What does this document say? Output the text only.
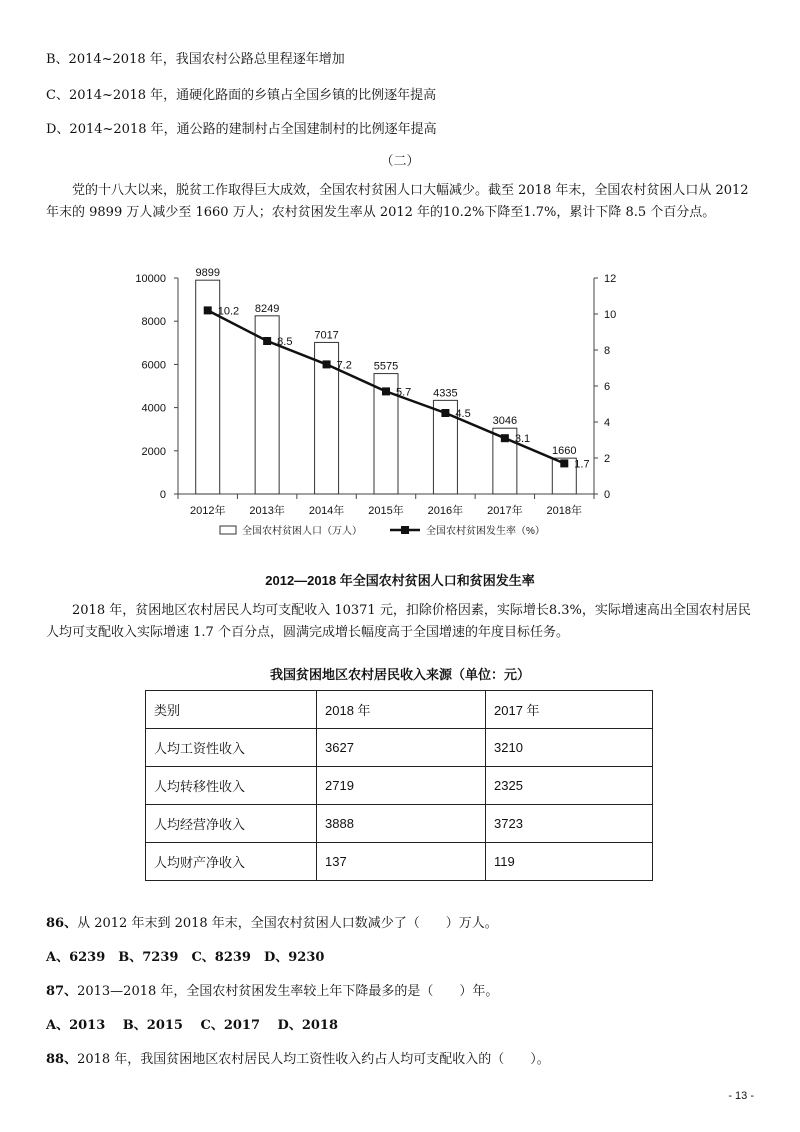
B、2014~2018 年，我国农村公路总里程逐年增加
C、2014~2018 年，通硬化路面的乡镇占全国乡镇的比例逐年提高
D、2014~2018 年，通公路的建制村占全国建制村的比例逐年提高
（二）
党的十八大以来，脱贫工作取得巨大成效，全国农村贫困人口大幅减少。截至 2018 年末，全国农村贫困人口从 2012 年末的 9899 万人减少至 1660 万人；农村贫困发生率从 2012 年的10.2%下降至1.7%，累计下降 8.5 个百分点。
0
2000
4000
6000
8000
10000
0
2
4
6
8
10
12
2012年 2013年 2014年 2015年 2016年 2017年 2018年
9899
8249
7017
5575
4335
3046
1660
10.2
8.5
7.2
5.7
4.5
3.1
1.7
全国农村贫困人口（万人）	全国农村贫困发生率（%）
2012—2018 年全国农村贫困人口和贫困发生率
2018 年，贫困地区农村居民人均可支配收入 10371 元，扣除价格因素，实际增长8.3%，实际增速高出全国农村居民人均可支配收入实际增速 1.7 个百分点，圆满完成增长幅度高于全国增速的年度目标任务。
我国贫困地区农村居民收入来源（单位：元）
类别	2018 年	2017 年
人均工资性收入	3627	3210
人均转移性收入	2719	2325
人均经营净收入	3888	3723
人均财产净收入	137	119
86、从 2012 年末到 2018 年末，全国农村贫困人口数减少了（　　）万人。
A、6239　B、7239　C、8239　D、9230
87、2013—2018 年，全国农村贫困发生率较上年下降最多的是（　　）年。
A、2013　 B、2015　 C、2017　 D、2018
88、2018 年，我国贫困地区农村居民人均工资性收入约占人均可支配收入的（　　）。
- 13 -
